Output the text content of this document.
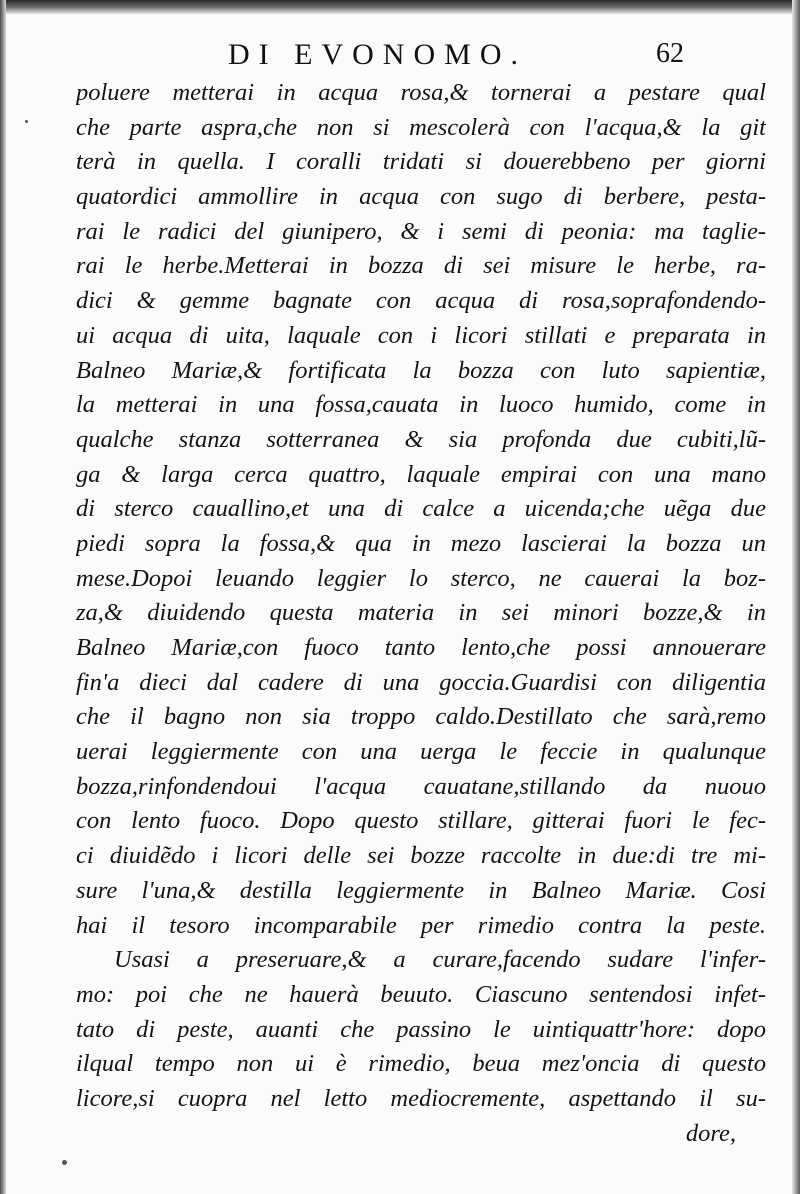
DI EVONOMO.	62
poluere metterai in acqua rosa,& tornerai a pestare qual
che parte aspra,che non si mescolerà con l'acqua,& la git
terà in quella. I coralli tridati si douerebbeno per giorni
quatordici ammollire in acqua con sugo di berbere, pesta-
rai le radici del giunipero, & i semi di peonia: ma taglie-
rai le herbe.Metterai in bozza di sei misure le herbe, ra-
dici & gemme bagnate con acqua di rosa,soprafondendo-
ui acqua di uita, laquale con i licori stillati e preparata in
Balneo Mariæ,& fortificata la bozza con luto sapientiæ,
la metterai in una fossa,cauata in luoco humido, come in
qualche stanza sotterranea & sia profonda due cubiti,lũ-
ga & larga cerca quattro, laquale empirai con una mano
di sterco cauallino,et una di calce a uicenda;che uẽga due
piedi sopra la fossa,& qua in mezo lascierai la bozza un
mese.Dopoi leuando leggier lo sterco, ne cauerai la boz-
za,& diuidendo questa materia in sei minori bozze,& in
Balneo Mariæ,con fuoco tanto lento,che possi annouerare
fin'a dieci dal cadere di una goccia.Guardisi con diligentia
che il bagno non sia troppo caldo.Destillato che sarà,remo
uerai leggiermente con una uerga le feccie in qualunque
bozza,rinfondendoui l'acqua cauatane,stillando da nuouo
con lento fuoco. Dopo questo stillare, gitterai fuori le fec-
ci diuidẽdo i licori delle sei bozze raccolte in due:di tre mi-
sure l'una,& destilla leggiermente in Balneo Mariæ. Cosi
hai il tesoro incomparabile per rimedio contra la peste.
Usasi a preseruare,& a curare,facendo sudare l'infer-
mo: poi che ne hauerà beuuto. Ciascuno sentendosi infet-
tato di peste, auanti che passino le uintiquattr'hore: dopo
ilqual tempo non ui è rimedio, beua mez'oncia di questo
licore,si cuopra nel letto mediocremente, aspettando il su-
dore,
